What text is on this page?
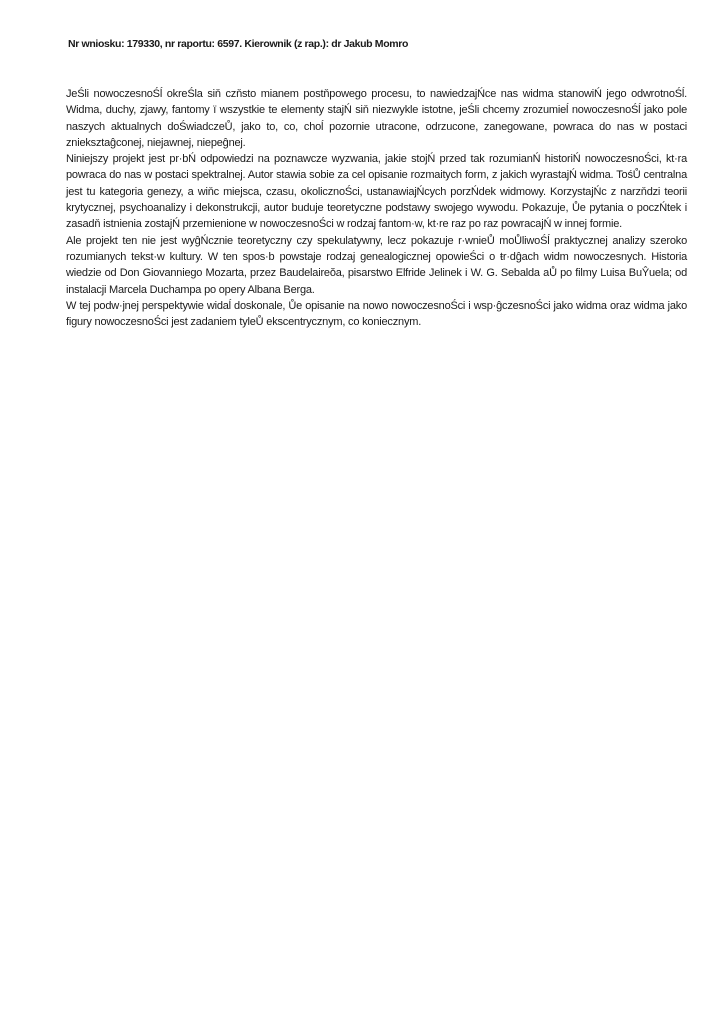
Nr wniosku: 179330, nr raportu: 6597. Kierownik (z rap.): dr Jakub Momro

JeŚli nowoczesnoŚĺ okreŚla siň czňsto mianem postňpowego procesu, to nawiedzajŃce nas widma stanowiŃ jego odwrotnoŚĺ. Widma, duchy, zjawy, fantomy ï wszystkie te elementy stajŃ siň niezwykle istotne, jeŚli chcemy zrozumieĺ nowoczesnoŚĺ jako pole naszych aktualnych doŚwiadczeŮ, jako to, co, choĺ pozornie utracone, odrzucone, zanegowane, powraca do nas w postaci znieksztaĝconej, niejawnej, niepeĝnej.

Niniejszy projekt jest pr·bŃ odpowiedzi na poznawcze wyzwania, jakie stojŃ przed tak rozumianŃ historiŃ nowoczesnoŚci, kt·ra powraca do nas w postaci spektralnej. Autor stawia sobie za cel opisanie rozmaitych form, z jakich wyrastajŃ widma. TośŮ centralna jest tu kategoria genezy, a wiňc miejsca, czasu, okolicznoŚci, ustanawiajŃcych porzŃdek widmowy. KorzystajŃc z narzňdzi teorii krytycznej, psychoanalizy i dekonstrukcji, autor buduje teoretyczne podstawy swojego wywodu. Pokazuje, Ůe pytania o poczŃtek i zasadň istnienia zostajŃ przemienione w nowoczesnoŚci w rodzaj fantom·w, kt·re raz po raz powracajŃ w innej formie.

Ale projekt ten nie jest wyĝŃcznie teoretyczny czy spekulatywny, lecz pokazuje r·wnieŮ moŮliwoŚĺ praktycznej analizy szeroko rozumianych tekst·w kultury. W ten spos·b powstaje rodzaj genealogicznej opowieŚci o ŧr·dĝach widm nowoczesnych. Historia wiedzie od Don Giovanniego Mozarta, przez Baudelaireŏa, pisarstwo Elfride Jelinek i W. G. Sebalda aŮ po filmy Luisa BuŶuela; od instalacji Marcela Duchampa po opery Albana Berga.

W tej podw·jnej perspektywie widaĺ doskonale, Ůe opisanie na nowo nowoczesnoŚci i wsp·ĝczesnoŚci jako widma oraz widma jako figury nowoczesnoŚci jest zadaniem tyleŮ ekscentrycznym, co koniecznym.
